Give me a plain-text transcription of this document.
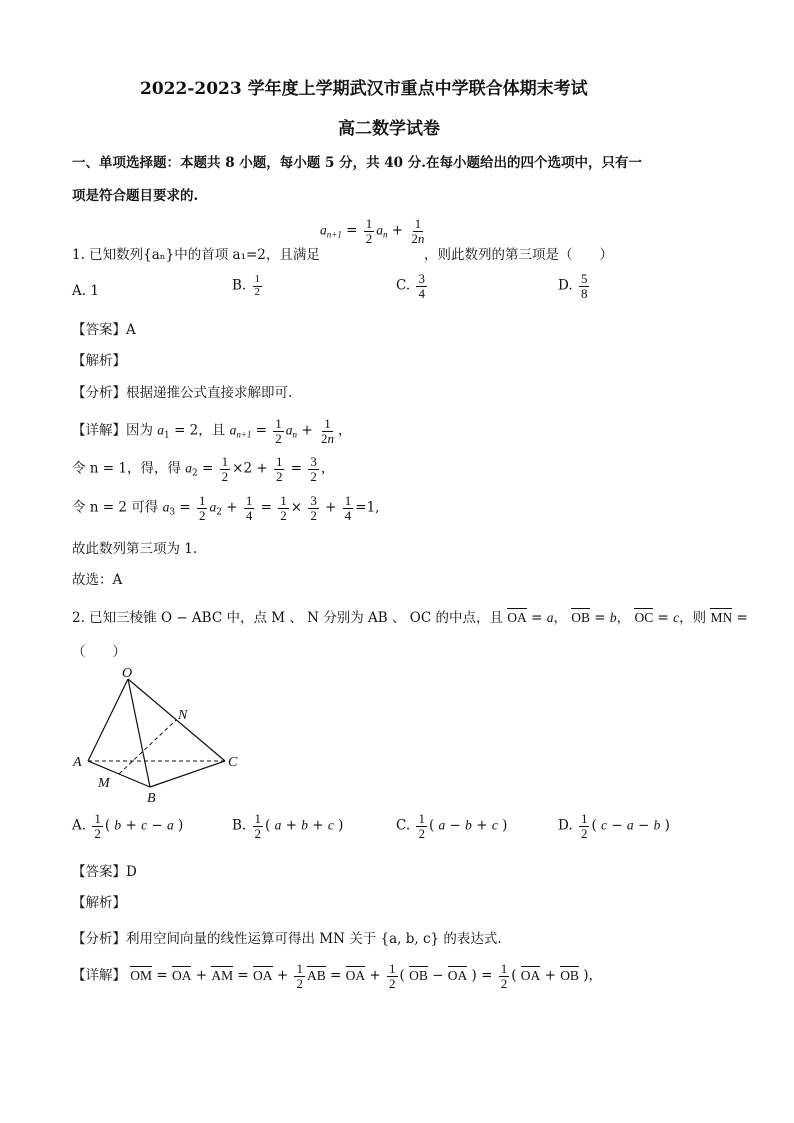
2022-2023 学年度上学期武汉市重点中学联合体期末考试
高二数学试卷
一、单项选择题：本题共 8 小题，每小题 5 分，共 40 分.在每小题给出的四个选项中，只有一
项是符合题目要求的.
1. 已知数列{aₙ}中的首项 a₁=2，且满足
$a_{n+1} = \frac{1}{2} a_n + \frac{1}{2n}$
，则此数列的第三项是（　　）
A. 1	B. $\frac{1}{2}$	C. $\frac{3}{4}$	D. $\frac{5}{8}$
【答案】A
【解析】
【分析】根据递推公式直接求解即可.
【详解】因为 $a_1 = 2$，且 $a_{n+1} = \frac{1}{2} a_n + \frac{1}{2n}$ ，
令 n = 1，得，得 $a_2 = \frac{1}{2} \times 2 + \frac{1}{2} = \frac{3}{2}$ ，
令 n = 2 可得 $a_3 = \frac{1}{2} a_2 + \frac{1}{4} = \frac{1}{2} \times \frac{3}{2} + \frac{1}{4} =1$,
故此数列第三项为 1.
故选：A
2. 已知三棱锥 O − ABC 中，点 M 、 N 分别为 AB 、 OC 的中点，且 OA = a， OB = b， OC = c，则 MN =
（　　）
O
N
A	C
M
B
A. $\frac{1}{2}$ ( b + c − a )	B. $\frac{1}{2}$ ( a + b + c )	C. $\frac{1}{2}$ ( a − b + c )	D. $\frac{1}{2}$ ( c − a − b )
【答案】D
【解析】
【分析】利用空间向量的线性运算可得出 MN 关于 {a, b, c} 的表达式.
【详解】 OM = OA + AM = OA + $\frac{1}{2}$ AB = OA + $\frac{1}{2}$ ( OB − OA ) = $\frac{1}{2}$ ( OA + OB )，
